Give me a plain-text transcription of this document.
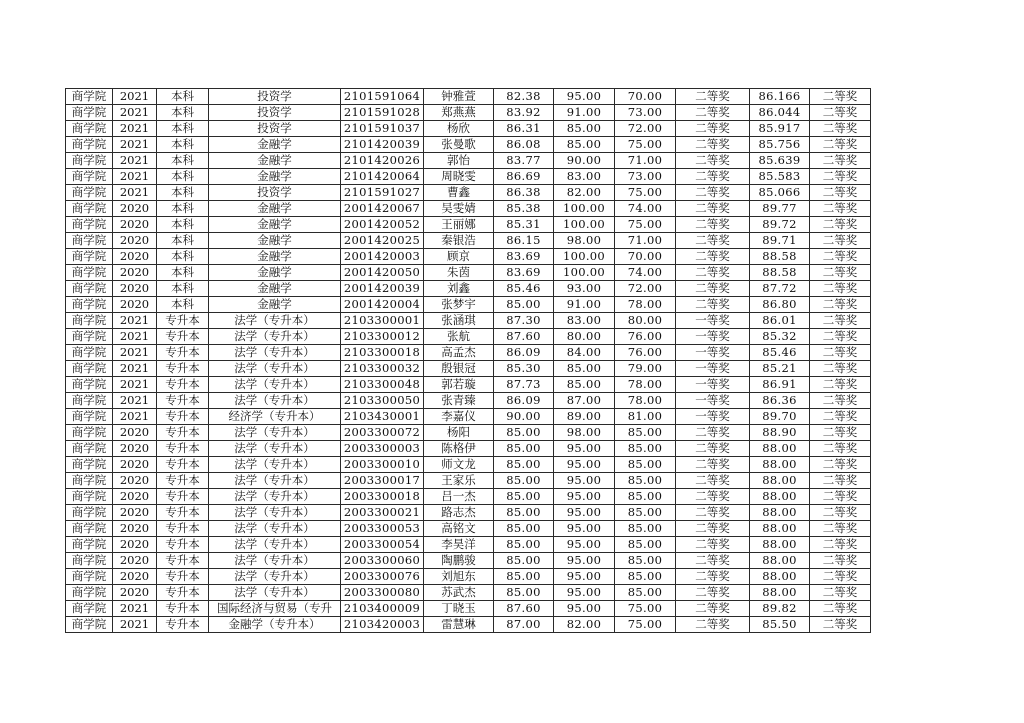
商学院	2021	本科	投资学	2101591064	钟雅萱	82.38	95.00	70.00	二等奖	86.166	二等奖
商学院	2021	本科	投资学	2101591028	郑燕燕	83.92	91.00	73.00	二等奖	86.044	二等奖
商学院	2021	本科	投资学	2101591037	杨欣	86.31	85.00	72.00	二等奖	85.917	二等奖
商学院	2021	本科	金融学	2101420039	张曼歌	86.08	85.00	75.00	二等奖	85.756	二等奖
商学院	2021	本科	金融学	2101420026	郭怡	83.77	90.00	71.00	二等奖	85.639	二等奖
商学院	2021	本科	金融学	2101420064	周晓雯	86.69	83.00	73.00	二等奖	85.583	二等奖
商学院	2021	本科	投资学	2101591027	曹鑫	86.38	82.00	75.00	二等奖	85.066	二等奖
商学院	2020	本科	金融学	2001420067	吴雯婧	85.38	100.00	74.00	二等奖	89.77	二等奖
商学院	2020	本科	金融学	2001420052	王丽娜	85.31	100.00	75.00	二等奖	89.72	二等奖
商学院	2020	本科	金融学	2001420025	秦银浩	86.15	98.00	71.00	二等奖	89.71	二等奖
商学院	2020	本科	金融学	2001420003	顾京	83.69	100.00	70.00	二等奖	88.58	二等奖
商学院	2020	本科	金融学	2001420050	朱茵	83.69	100.00	74.00	二等奖	88.58	二等奖
商学院	2020	本科	金融学	2001420039	刘鑫	85.46	93.00	72.00	二等奖	87.72	二等奖
商学院	2020	本科	金融学	2001420004	张梦宇	85.00	91.00	78.00	二等奖	86.80	二等奖
商学院	2021	专升本	法学（专升本）	2103300001	张涵琪	87.30	83.00	80.00	一等奖	86.01	二等奖
商学院	2021	专升本	法学（专升本）	2103300012	张航	87.60	80.00	76.00	一等奖	85.32	二等奖
商学院	2021	专升本	法学（专升本）	2103300018	高孟杰	86.09	84.00	76.00	一等奖	85.46	二等奖
商学院	2021	专升本	法学（专升本）	2103300032	殷银冠	85.30	85.00	79.00	一等奖	85.21	二等奖
商学院	2021	专升本	法学（专升本）	2103300048	郭若璇	87.73	85.00	78.00	一等奖	86.91	二等奖
商学院	2021	专升本	法学（专升本）	2103300050	张青臻	86.09	87.00	78.00	一等奖	86.36	二等奖
商学院	2021	专升本	经济学（专升本）	2103430001	李嘉仪	90.00	89.00	81.00	一等奖	89.70	二等奖
商学院	2020	专升本	法学（专升本）	2003300072	杨阳	85.00	98.00	85.00	二等奖	88.90	二等奖
商学院	2020	专升本	法学（专升本）	2003300003	陈格伊	85.00	95.00	85.00	二等奖	88.00	二等奖
商学院	2020	专升本	法学（专升本）	2003300010	师文龙	85.00	95.00	85.00	二等奖	88.00	二等奖
商学院	2020	专升本	法学（专升本）	2003300017	王家乐	85.00	95.00	85.00	二等奖	88.00	二等奖
商学院	2020	专升本	法学（专升本）	2003300018	吕一杰	85.00	95.00	85.00	二等奖	88.00	二等奖
商学院	2020	专升本	法学（专升本）	2003300021	路志杰	85.00	95.00	85.00	二等奖	88.00	二等奖
商学院	2020	专升本	法学（专升本）	2003300053	高铭文	85.00	95.00	85.00	二等奖	88.00	二等奖
商学院	2020	专升本	法学（专升本）	2003300054	李昊洋	85.00	95.00	85.00	二等奖	88.00	二等奖
商学院	2020	专升本	法学（专升本）	2003300060	陶鹏骏	85.00	95.00	85.00	二等奖	88.00	二等奖
商学院	2020	专升本	法学（专升本）	2003300076	刘旭东	85.00	95.00	85.00	二等奖	88.00	二等奖
商学院	2020	专升本	法学（专升本）	2003300080	苏武杰	85.00	95.00	85.00	二等奖	88.00	二等奖
商学院	2021	专升本	国际经济与贸易（专升	2103400009	丁晓玉	87.60	95.00	75.00	二等奖	89.82	二等奖
商学院	2021	专升本	金融学（专升本）	2103420003	雷慧琳	87.00	82.00	75.00	二等奖	85.50	二等奖
